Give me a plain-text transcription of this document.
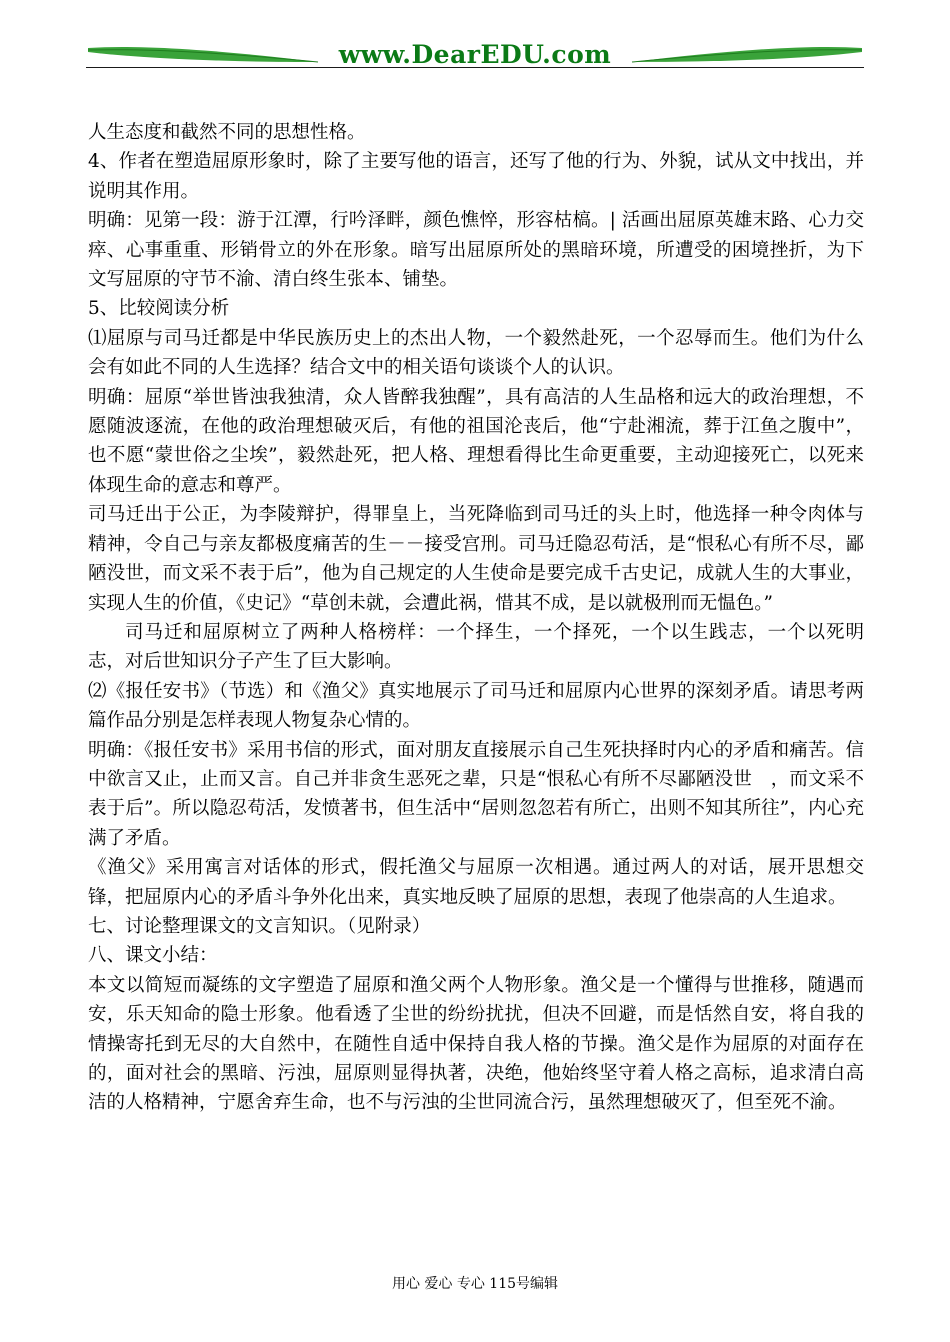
www.DearEDU.com

人生态度和截然不同的思想性格。

4、作者在塑造屈原形象时，除了主要写他的语言，还写了他的行为、外貌，试从文中找出，并说明其作用。

明确：见第一段：游于江潭，行吟泽畔，颜色憔悴，形容枯槁。| 活画出屈原英雄末路、心力交瘁、心事重重、形销骨立的外在形象。暗写出屈原所处的黑暗环境，所遭受的困境挫折，为下文写屈原的守节不渝、清白终生张本、铺垫。

5、比较阅读分析

⑴屈原与司马迁都是中华民族历史上的杰出人物，一个毅然赴死，一个忍辱而生。他们为什么会有如此不同的人生选择？结合文中的相关语句谈谈个人的认识。

明确：屈原“举世皆浊我独清，众人皆醉我独醒”，具有高洁的人生品格和远大的政治理想，不愿随波逐流，在他的政治理想破灭后，有他的祖国沦丧后，他“宁赴湘流，葬于江鱼之腹中”，也不愿“蒙世俗之尘埃”，毅然赴死，把人格、理想看得比生命更重要，主动迎接死亡，以死来体现生命的意志和尊严。

司马迁出于公正，为李陵辩护，得罪皇上，当死降临到司马迁的头上时，他选择一种令肉体与精神，令自己与亲友都极度痛苦的生－－接受宫刑。司马迁隐忍苟活，是“恨私心有所不尽，鄙陋没世，而文采不表于后”，他为自己规定的人生使命是要完成千古史记，成就人生的大事业，实现人生的价值，《史记》“草创未就，会遭此祸，惜其不成，是以就极刑而无愠色。”

司马迁和屈原树立了两种人格榜样：一个择生，一个择死，一个以生践志，一个以死明志，对后世知识分子产生了巨大影响。

⑵《报任安书》（节选）和《渔父》真实地展示了司马迁和屈原内心世界的深刻矛盾。请思考两篇作品分别是怎样表现人物复杂心情的。

明确：《报任安书》采用书信的形式，面对朋友直接展示自己生死抉择时内心的矛盾和痛苦。信中欲言又止，止而又言。自己并非贪生恶死之辈，只是“恨私心有所不尽鄙陋没世　，而文采不表于后”。所以隐忍苟活，发愤著书，但生活中“居则忽忽若有所亡，出则不知其所往”，内心充满了矛盾。

《渔父》采用寓言对话体的形式，假托渔父与屈原一次相遇。通过两人的对话，展开思想交锋，把屈原内心的矛盾斗争外化出来，真实地反映了屈原的思想，表现了他崇高的人生追求。

七、讨论整理课文的文言知识。（见附录）

八、课文小结：

本文以简短而凝练的文字塑造了屈原和渔父两个人物形象。渔父是一个懂得与世推移，随遇而安，乐天知命的隐士形象。他看透了尘世的纷纷扰扰，但决不回避，而是恬然自安，将自我的情操寄托到无尽的大自然中，在随性自适中保持自我人格的节操。渔父是作为屈原的对面存在的，面对社会的黑暗、污浊，屈原则显得执著，决绝，他始终坚守着人格之高标，追求清白高洁的人格精神，宁愿舍弃生命，也不与污浊的尘世同流合污，虽然理想破灭了，但至死不渝。

用心 爱心 专心 115号编辑
